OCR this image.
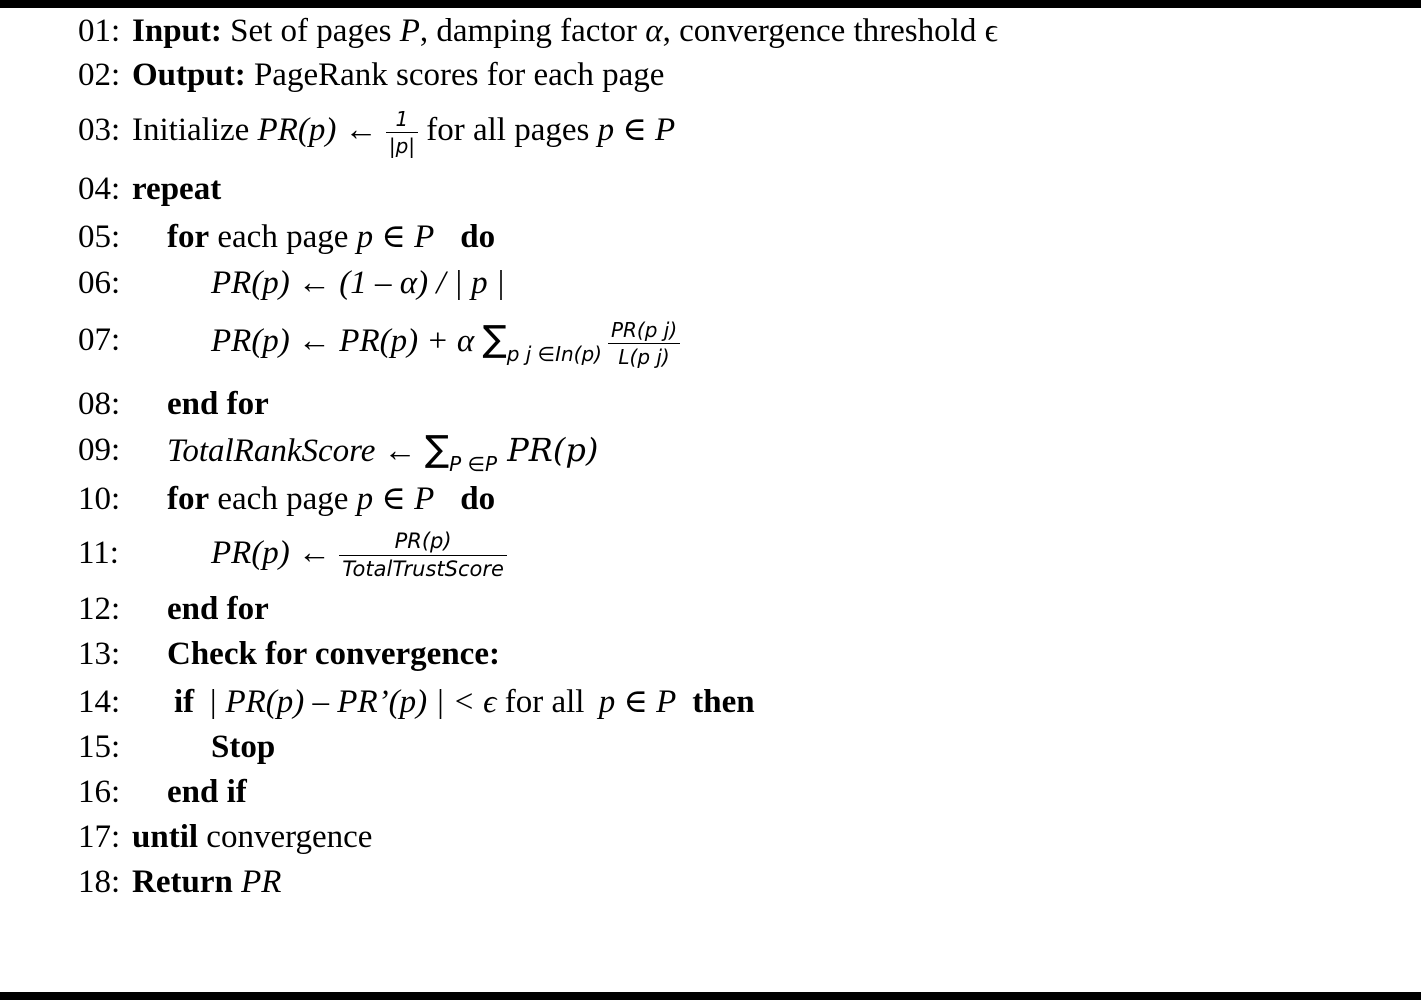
01: Input: Set of pages P, damping factor α, convergence threshold ϵ
02: Output: PageRank scores for each page
03: Initialize PR(p) ← $\frac{1}{|p|}$ for all pages p ∈ P
04: repeat
05: for each page p ∈ P do
06:	PR(p) ← (1 – α) / | p |
07:	PR(p) ← PR(p) + α $\sum_{p j \in In(p)} \frac{\text{PR(p j)}}{\text{L(p j)}}$
08: end for
09: TotalRankScore ← $\sum_{P \in P}$ PR(p)
10: for each page p ∈ P do
11:	PR(p) ← $\frac{PR(p)}{\text{TotalTrustScore}}$
12: end for
13: Check for convergence:
14: if | PR(p) – PR’(p) | < ϵ for all p ∈ P then
15:	Stop
16: end if
17: until convergence
18: Return PR
